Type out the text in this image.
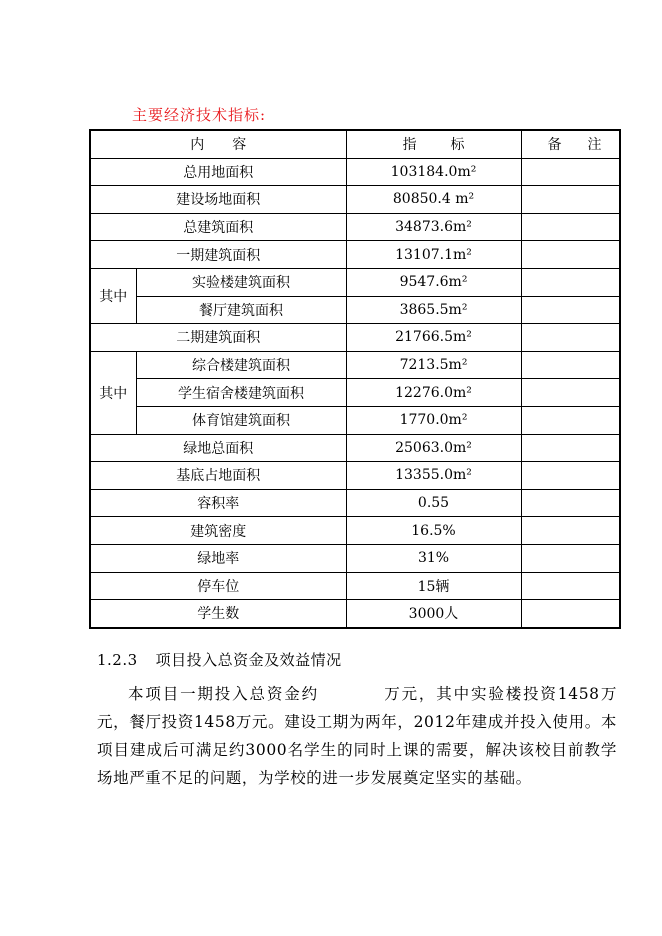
主要经济技术指标:
内容		指标	备注
总用地面积		103184.0m²	
建设场地面积		80850.4 m²	
总建筑面积		34873.6m²	
一期建筑面积		13107.1m²	
其中	实验楼建筑面积	9547.6m²	
	餐厅建筑面积	3865.5m²	
二期建筑面积		21766.5m²	
其中	综合楼建筑面积	7213.5m²	
	学生宿舍楼建筑面积	12276.0m²	
	体育馆建筑面积	1770.0m²	
绿地总面积		25063.0m²	
基底占地面积		13355.0m²	
容积率		0.55	
建筑密度		16.5%	
绿地率		31%	
停车位		15辆	
学生数		3000人	
1.2.3 项目投入总资金及效益情况
本项目一期投入总资金约	万元，其中实验楼投资1458万元，餐厅投资1458万元。建设工期为两年，2012年建成并投入使用。本项目建成后可满足约3000名学生的同时上课的需要，解决该校目前教学场地严重不足的问题，为学校的进一步发展奠定坚实的基础。
